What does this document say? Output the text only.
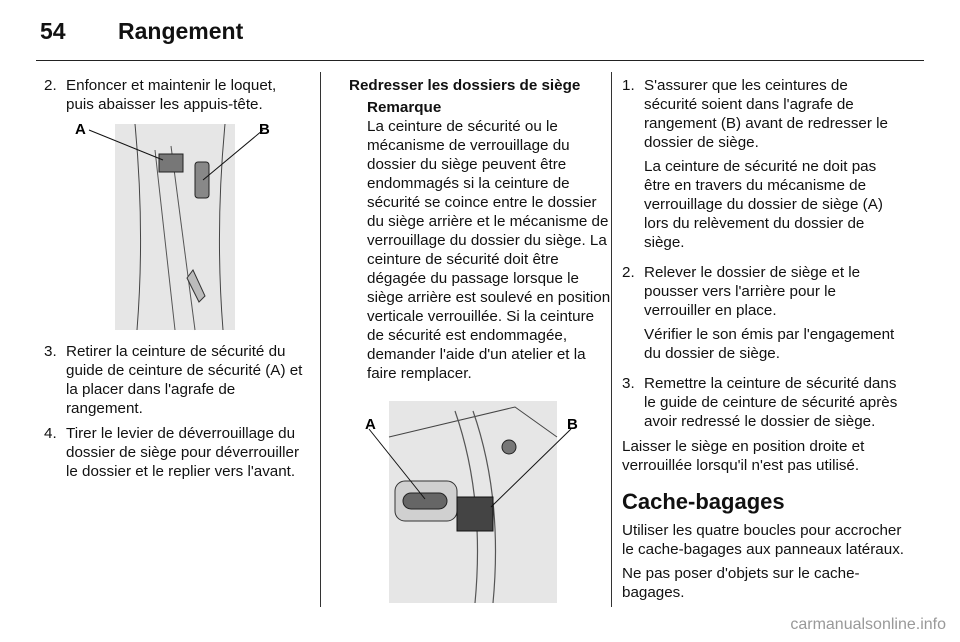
54 Rangement
2. Enfoncer et maintenir le loquet, puis abaisser les appuis-tête.
A	B
3. Retirer la ceinture de sécurité du guide de ceinture de sécurité (A) et la placer dans l'agrafe de rangement.
4. Tirer le levier de déverrouillage du dossier de siège pour déverrouiller le dossier et le replier vers l'avant.
Redresser les dossiers de siège
Remarque
La ceinture de sécurité ou le mécanisme de verrouillage du dossier du siège peuvent être endommagés si la ceinture de sécurité se coince entre le dossier du siège arrière et le mécanisme de verrouillage du dossier du siège. La ceinture de sécurité doit être dégagée du passage lorsque le siège arrière est soulevé en position verticale verrouillée. Si la ceinture de sécurité est endommagée, demander l'aide d'un atelier et la faire remplacer.
A	B
1. S'assurer que les ceintures de sécurité soient dans l'agrafe de rangement (B) avant de redresser le dossier de siège.

La ceinture de sécurité ne doit pas être en travers du mécanisme de verrouillage du dossier de siège (A) lors du relèvement du dossier de siège.

2. Relever le dossier de siège et le pousser vers l'arrière pour le verrouiller en place.

Vérifier le son émis par l'engagement du dossier de siège.

3. Remettre la ceinture de sécurité dans le guide de ceinture de sécurité après avoir redressé le dossier de siège.

Laisser le siège en position droite et verrouillée lorsqu'il n'est pas utilisé.

Cache-bagages

Utiliser les quatre boucles pour accrocher le cache-bagages aux panneaux latéraux.

Ne pas poser d'objets sur le cache-bagages.

carmanualsonline.info
